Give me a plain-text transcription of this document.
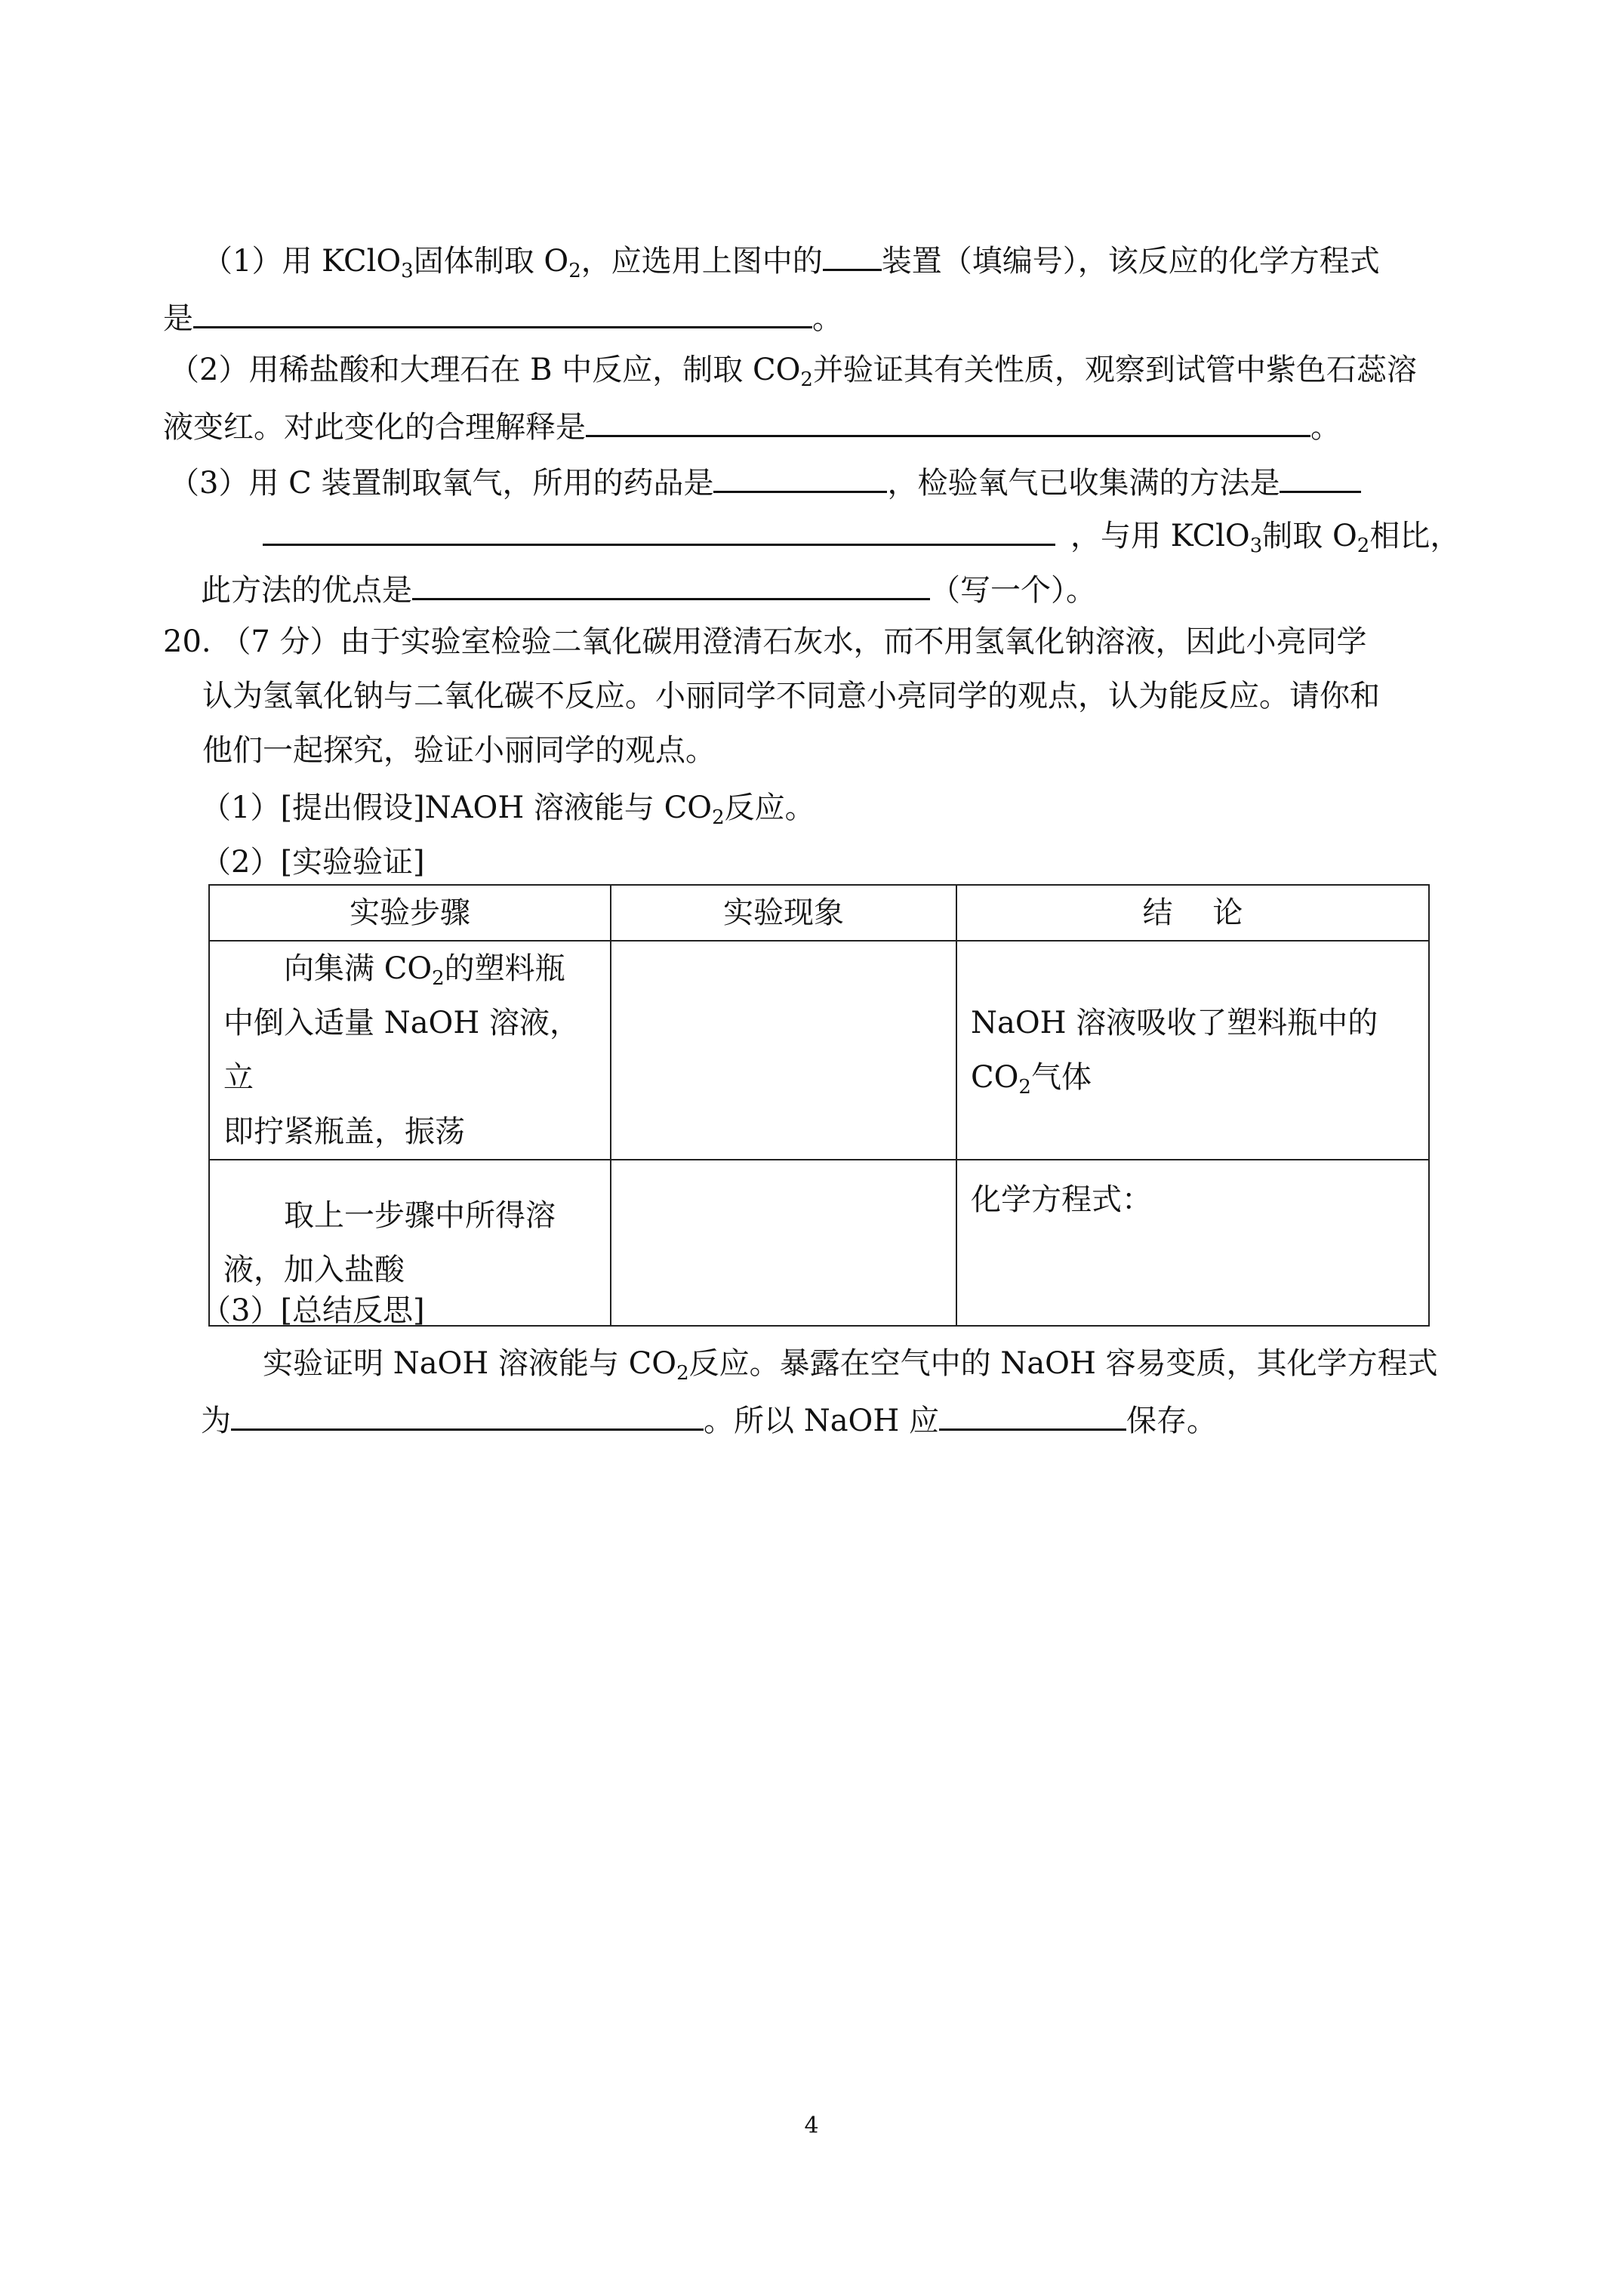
（1）用 KClO$_3$固体制取 $O_2$，应选用上图中的 装置（填编号），该反应的化学方程式
是	。
（2）用稀盐酸和大理石在 B 中反应，制取 $CO_2$并验证其有关性质，观察到试管中紫色石蕊溶
液变红。对此变化的合理解释是	。
（3）用 C 装置制取氧气，所用的药品是	，检验氧气已收集满的方法是
，与用 KClO$_3$制取 $O_2$相比，
此方法的优点是	（写一个）。
20. （7 分）由于实验室检验二氧化碳用澄清石灰水，而不用氢氧化钠溶液，因此小亮同学
认为氢氧化钠与二氧化碳不反应。小丽同学不同意小亮同学的观点，认为能反应。请你和
他们一起探究，验证小丽同学的观点。
（1）[提出假设]NAOH 溶液能与 $CO_2$反应。
（2）[实验验证]
实验步骤	实验现象	结　 论

向集满 $CO_2$的塑料瓶
中倒入适量 NaOH 溶液，立
即拧紧瓶盖，振荡		NaOH 溶液吸收了塑料瓶中的
$CO_2$气体

取上一步骤中所得溶
液，加入盐酸		化学方程式：
（3）[总结反思]
实验证明 NaOH 溶液能与 $CO_2$反应。暴露在空气中的 NaOH 容易变质，其化学方程式
为	。所以 NaOH 应	保存。
4
